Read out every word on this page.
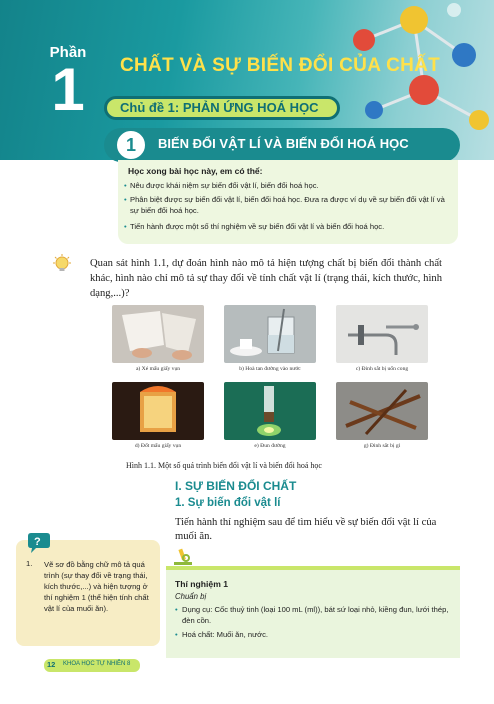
Phần
1	CHẤT VÀ SỰ BIẾN ĐỔI CỦA CHẤT
Chủ đề 1: PHẢN ỨNG HOÁ HỌC
1	BIẾN ĐỔI VẬT LÍ VÀ BIẾN ĐỔI HOÁ HỌC
Học xong bài học này, em có thể:
• Nêu được khái niệm sự biến đổi vật lí, biến đổi hoá học.
• Phân biệt được sự biến đổi vật lí, biến đổi hoá học. Đưa ra được ví dụ về sự biến đổi vật lí và sự biến đổi hoá học.
• Tiến hành được một số thí nghiệm về sự biến đổi vật lí và biến đổi hoá học.
Quan sát hình 1.1, dự đoán hình nào mô tả hiện tượng chất bị biến đổi thành chất khác, hình nào chỉ mô tả sự thay đổi về tính chất vật lí (trạng thái, kích thước, hình dạng,...)?
a) Xé mẩu giấy vụn	b) Hoà tan đường vào nước	c) Đinh sắt bị uốn cong
d) Đốt mẩu giấy vụn	e) Đun đường	g) Đinh sắt bị gỉ
Hình 1.1. Một số quá trình biến đổi vật lí và biến đổi hoá học
I. SỰ BIẾN ĐỔI CHẤT
1. Sự biến đổi vật lí
Tiến hành thí nghiệm sau để tìm hiểu về sự biến đổi vật lí của muối ăn.
?
1. Vẽ sơ đồ bằng chữ mô tả quá trình (sự thay đổi về trạng thái, kích thước,...) và hiện tượng ở thí nghiệm 1 (thể hiện tính chất vật lí của muối ăn).
Thí nghiệm 1
Chuẩn bị
• Dụng cụ: Cốc thuỷ tinh (loại 100 mL (ml)), bát sứ loại nhỏ, kiềng đun, lưới thép, đèn cồn.
• Hoá chất: Muối ăn, nước.
12 KHOA HỌC TỰ NHIÊN 8
